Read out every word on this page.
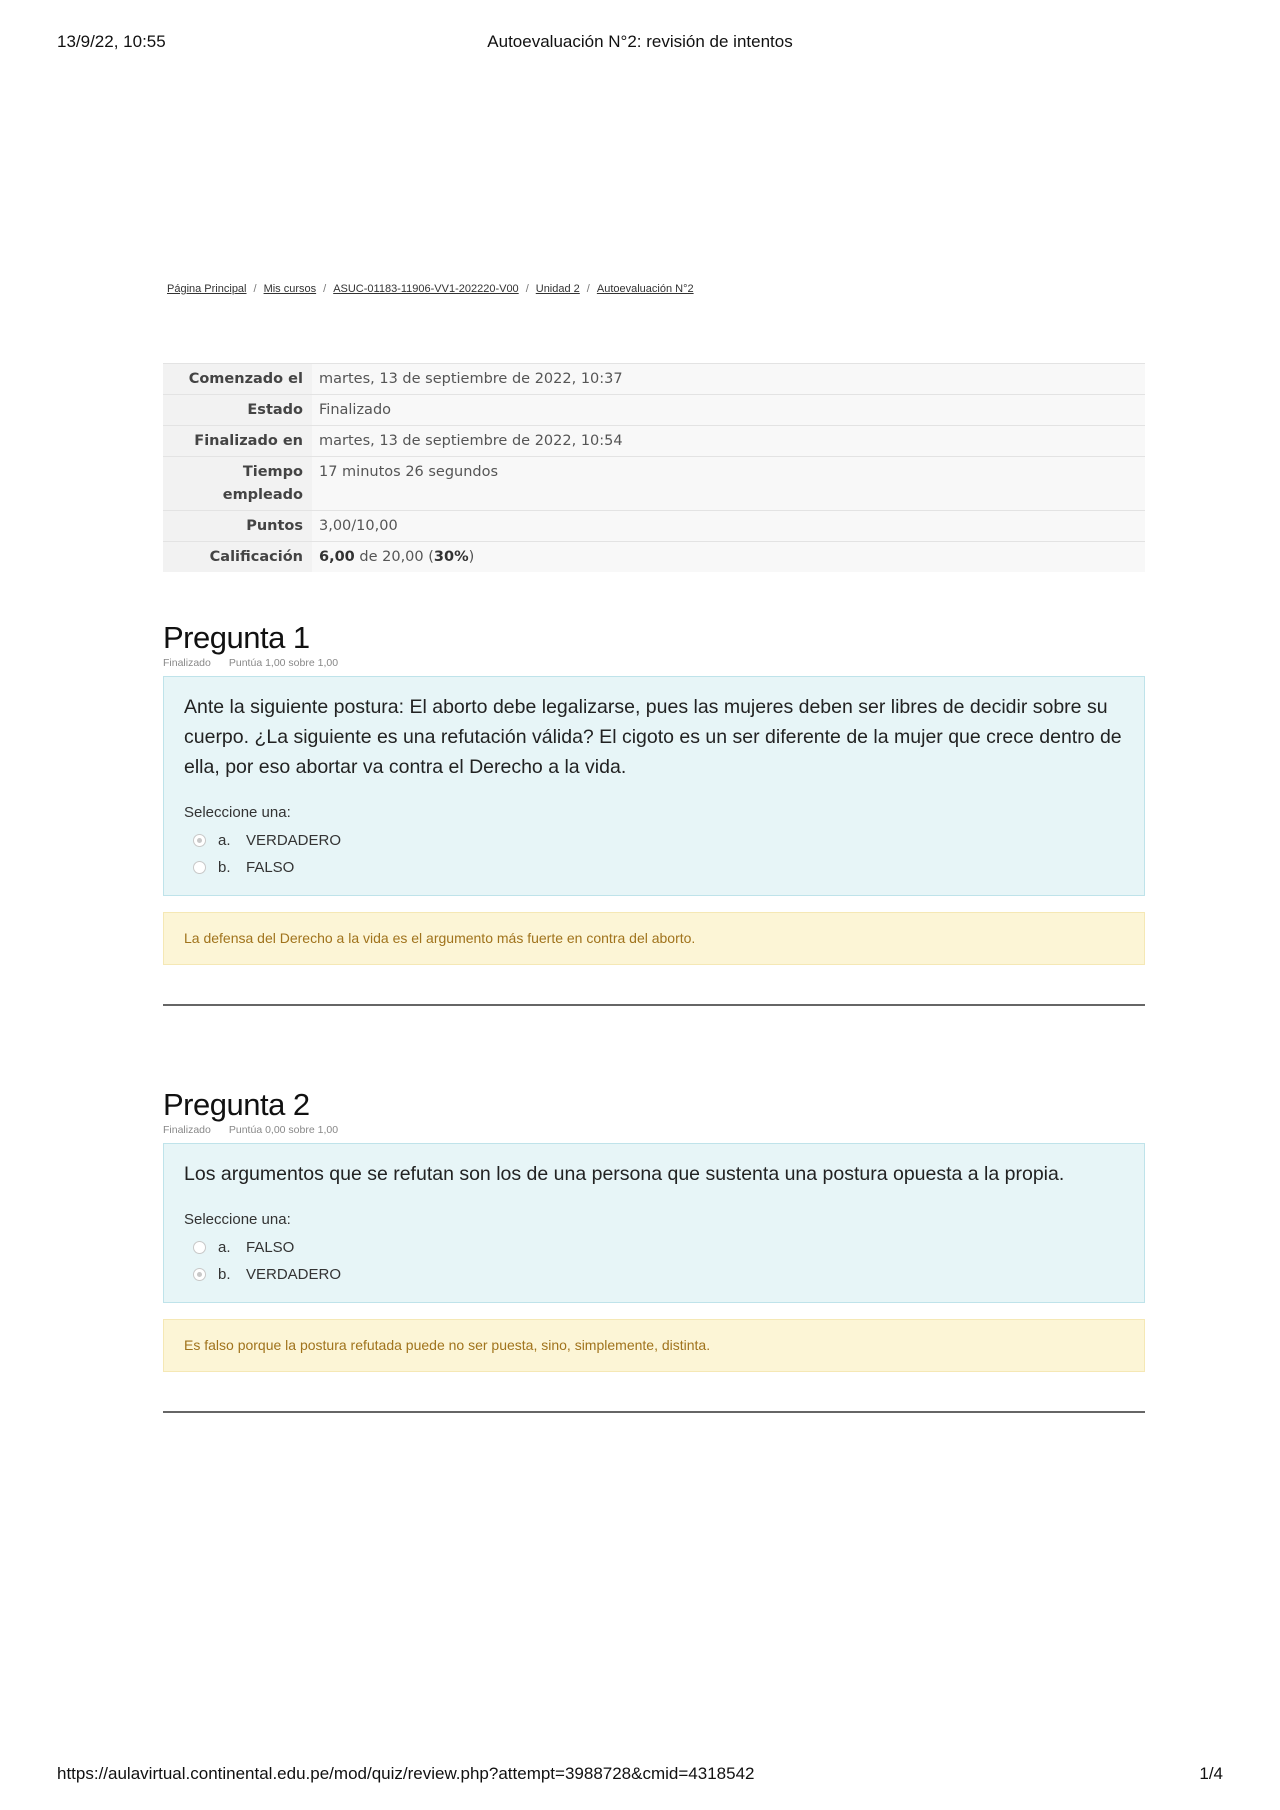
13/9/22, 10:55	Autoevaluación N°2: revisión de intentos
Página Principal / Mis cursos / ASUC-01183-11906-VV1-202220-V00 / Unidad 2 / Autoevaluación N°2
Comenzado el	martes, 13 de septiembre de 2022, 10:37
Estado	Finalizado
Finalizado en	martes, 13 de septiembre de 2022, 10:54
Tiempo
empleado	17 minutos 26 segundos
Puntos	3,00/10,00
Calificación	6,00 de 20,00 (30%)
Pregunta 1
Finalizado Puntúa 1,00 sobre 1,00

Ante la siguiente postura: El aborto debe legalizarse, pues las mujeres deben ser libres de decidir sobre su cuerpo. ¿La siguiente es una refutación válida? El cigoto es un ser diferente de la mujer que crece dentro de ella, por eso abortar va contra el Derecho a la vida.

Seleccione una:
a.	VERDADERO
b.	FALSO
La defensa del Derecho a la vida es el argumento más fuerte en contra del aborto.
Pregunta 2
Finalizado Puntúa 0,00 sobre 1,00

Los argumentos que se refutan son los de una persona que sustenta una postura opuesta a la propia.

Seleccione una:
a.	FALSO
b.	VERDADERO
Es falso porque la postura refutada puede no ser puesta, sino, simplemente, distinta.
https://aulavirtual.continental.edu.pe/mod/quiz/review.php?attempt=3988728&cmid=4318542	1/4
